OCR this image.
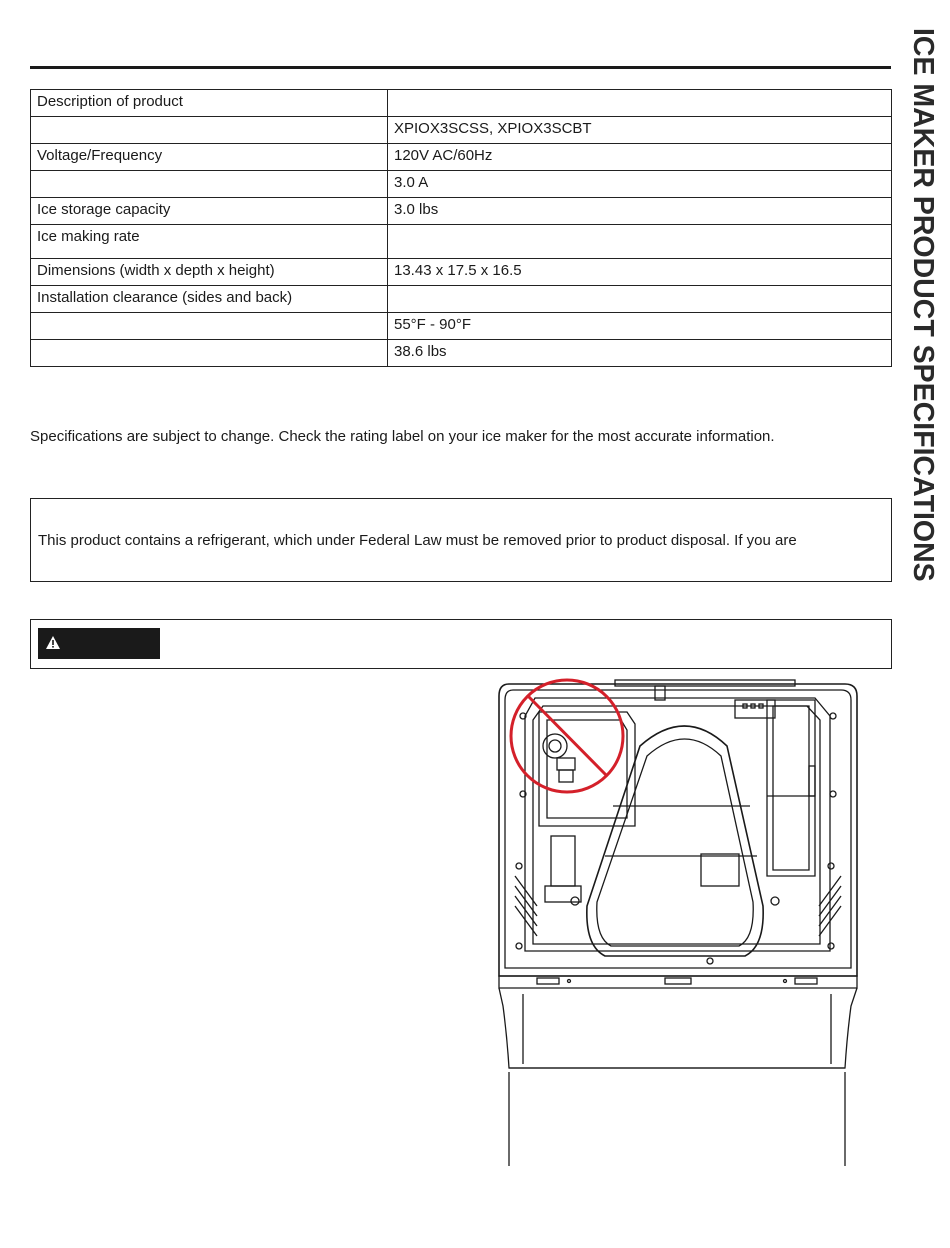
ICE MAKER PRODUCT SPECIFICATIONS
Description of product	
	XPIOX3SCSS, XPIOX3SCBT
Voltage/Frequency	120V AC/60Hz
	3.0 A
Ice storage capacity	3.0 lbs
Ice making rate	
Dimensions (width x depth x height)	13.43 x 17.5 x 16.5
Installation clearance (sides and back)	
	55°F - 90°F
	38.6 lbs
Specifications are subject to change. Check the rating label on your ice maker for the most accurate information.
This product contains a refrigerant, which under Federal Law must be removed prior to product disposal. If you are
